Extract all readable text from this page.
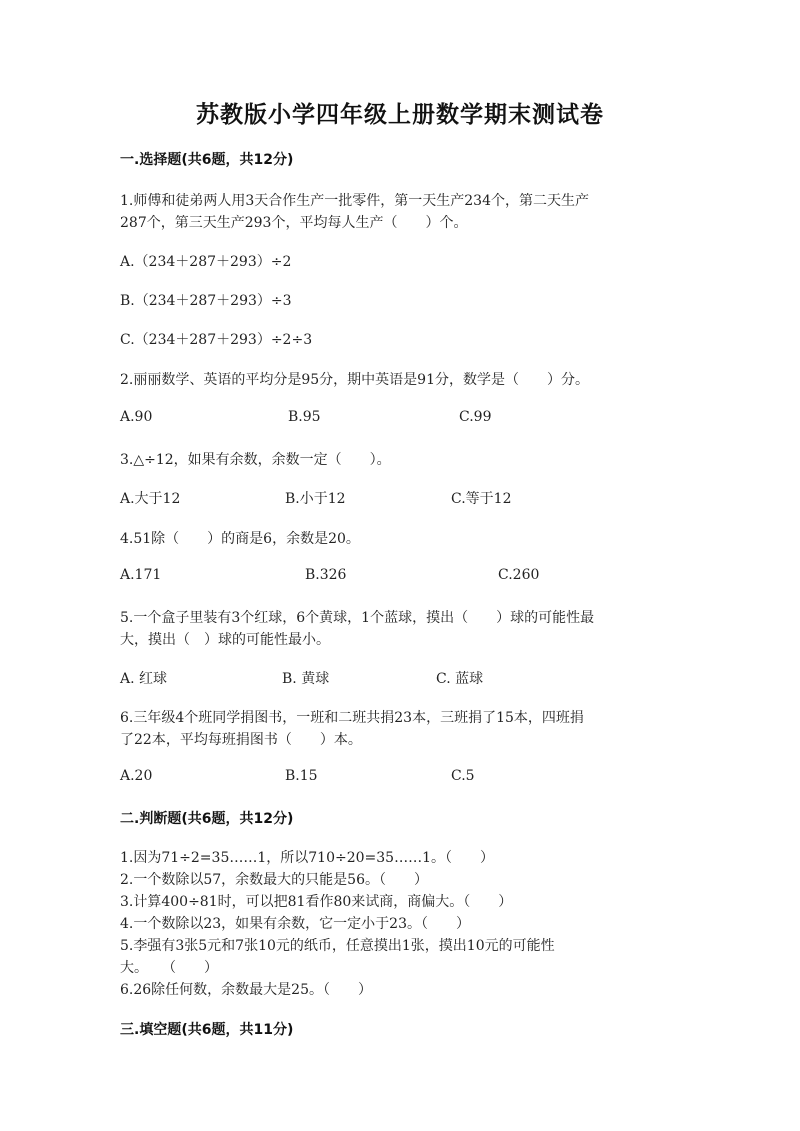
苏教版小学四年级上册数学期末测试卷
一.选择题(共6题，共12分)
1.师傅和徒弟两人用3天合作生产一批零件，第一天生产234个，第二天生产
287个，第三天生产293个，平均每人生产（　　）个。
A.（234＋287＋293）÷2
B.（234＋287＋293）÷3
C.（234＋287＋293）÷2÷3
2.丽丽数学、英语的平均分是95分，期中英语是91分，数学是（　　）分。
A.90	B.95	C.99
3.△÷12，如果有余数，余数一定（　　）。
A.大于12	B.小于12	C.等于12
4.51除（　　）的商是6，余数是20。
A.171	B.326	C.260
5.一个盒子里装有3个红球，6个黄球，1个蓝球，摸出（　　）球的可能性最
大，摸出（　）球的可能性最小。
A. 红球	B. 黄球	C. 蓝球
6.三年级4个班同学捐图书，一班和二班共捐23本，三班捐了15本，四班捐
了22本，平均每班捐图书（　　）本。
A.20	B.15	C.5
二.判断题(共6题，共12分)
1.因为71÷2=35……1，所以710÷20=35……1。（　　）
2.一个数除以57，余数最大的只能是56。（　　）
3.计算400÷81时，可以把81看作80来试商，商偏大。（　　）
4.一个数除以23，如果有余数，它一定小于23。（　　）
5.李强有3张5元和7张10元的纸币，任意摸出1张，摸出10元的可能性
大。　　（　　）
6.26除任何数，余数最大是25。（　　）
三.填空题(共6题，共11分)
